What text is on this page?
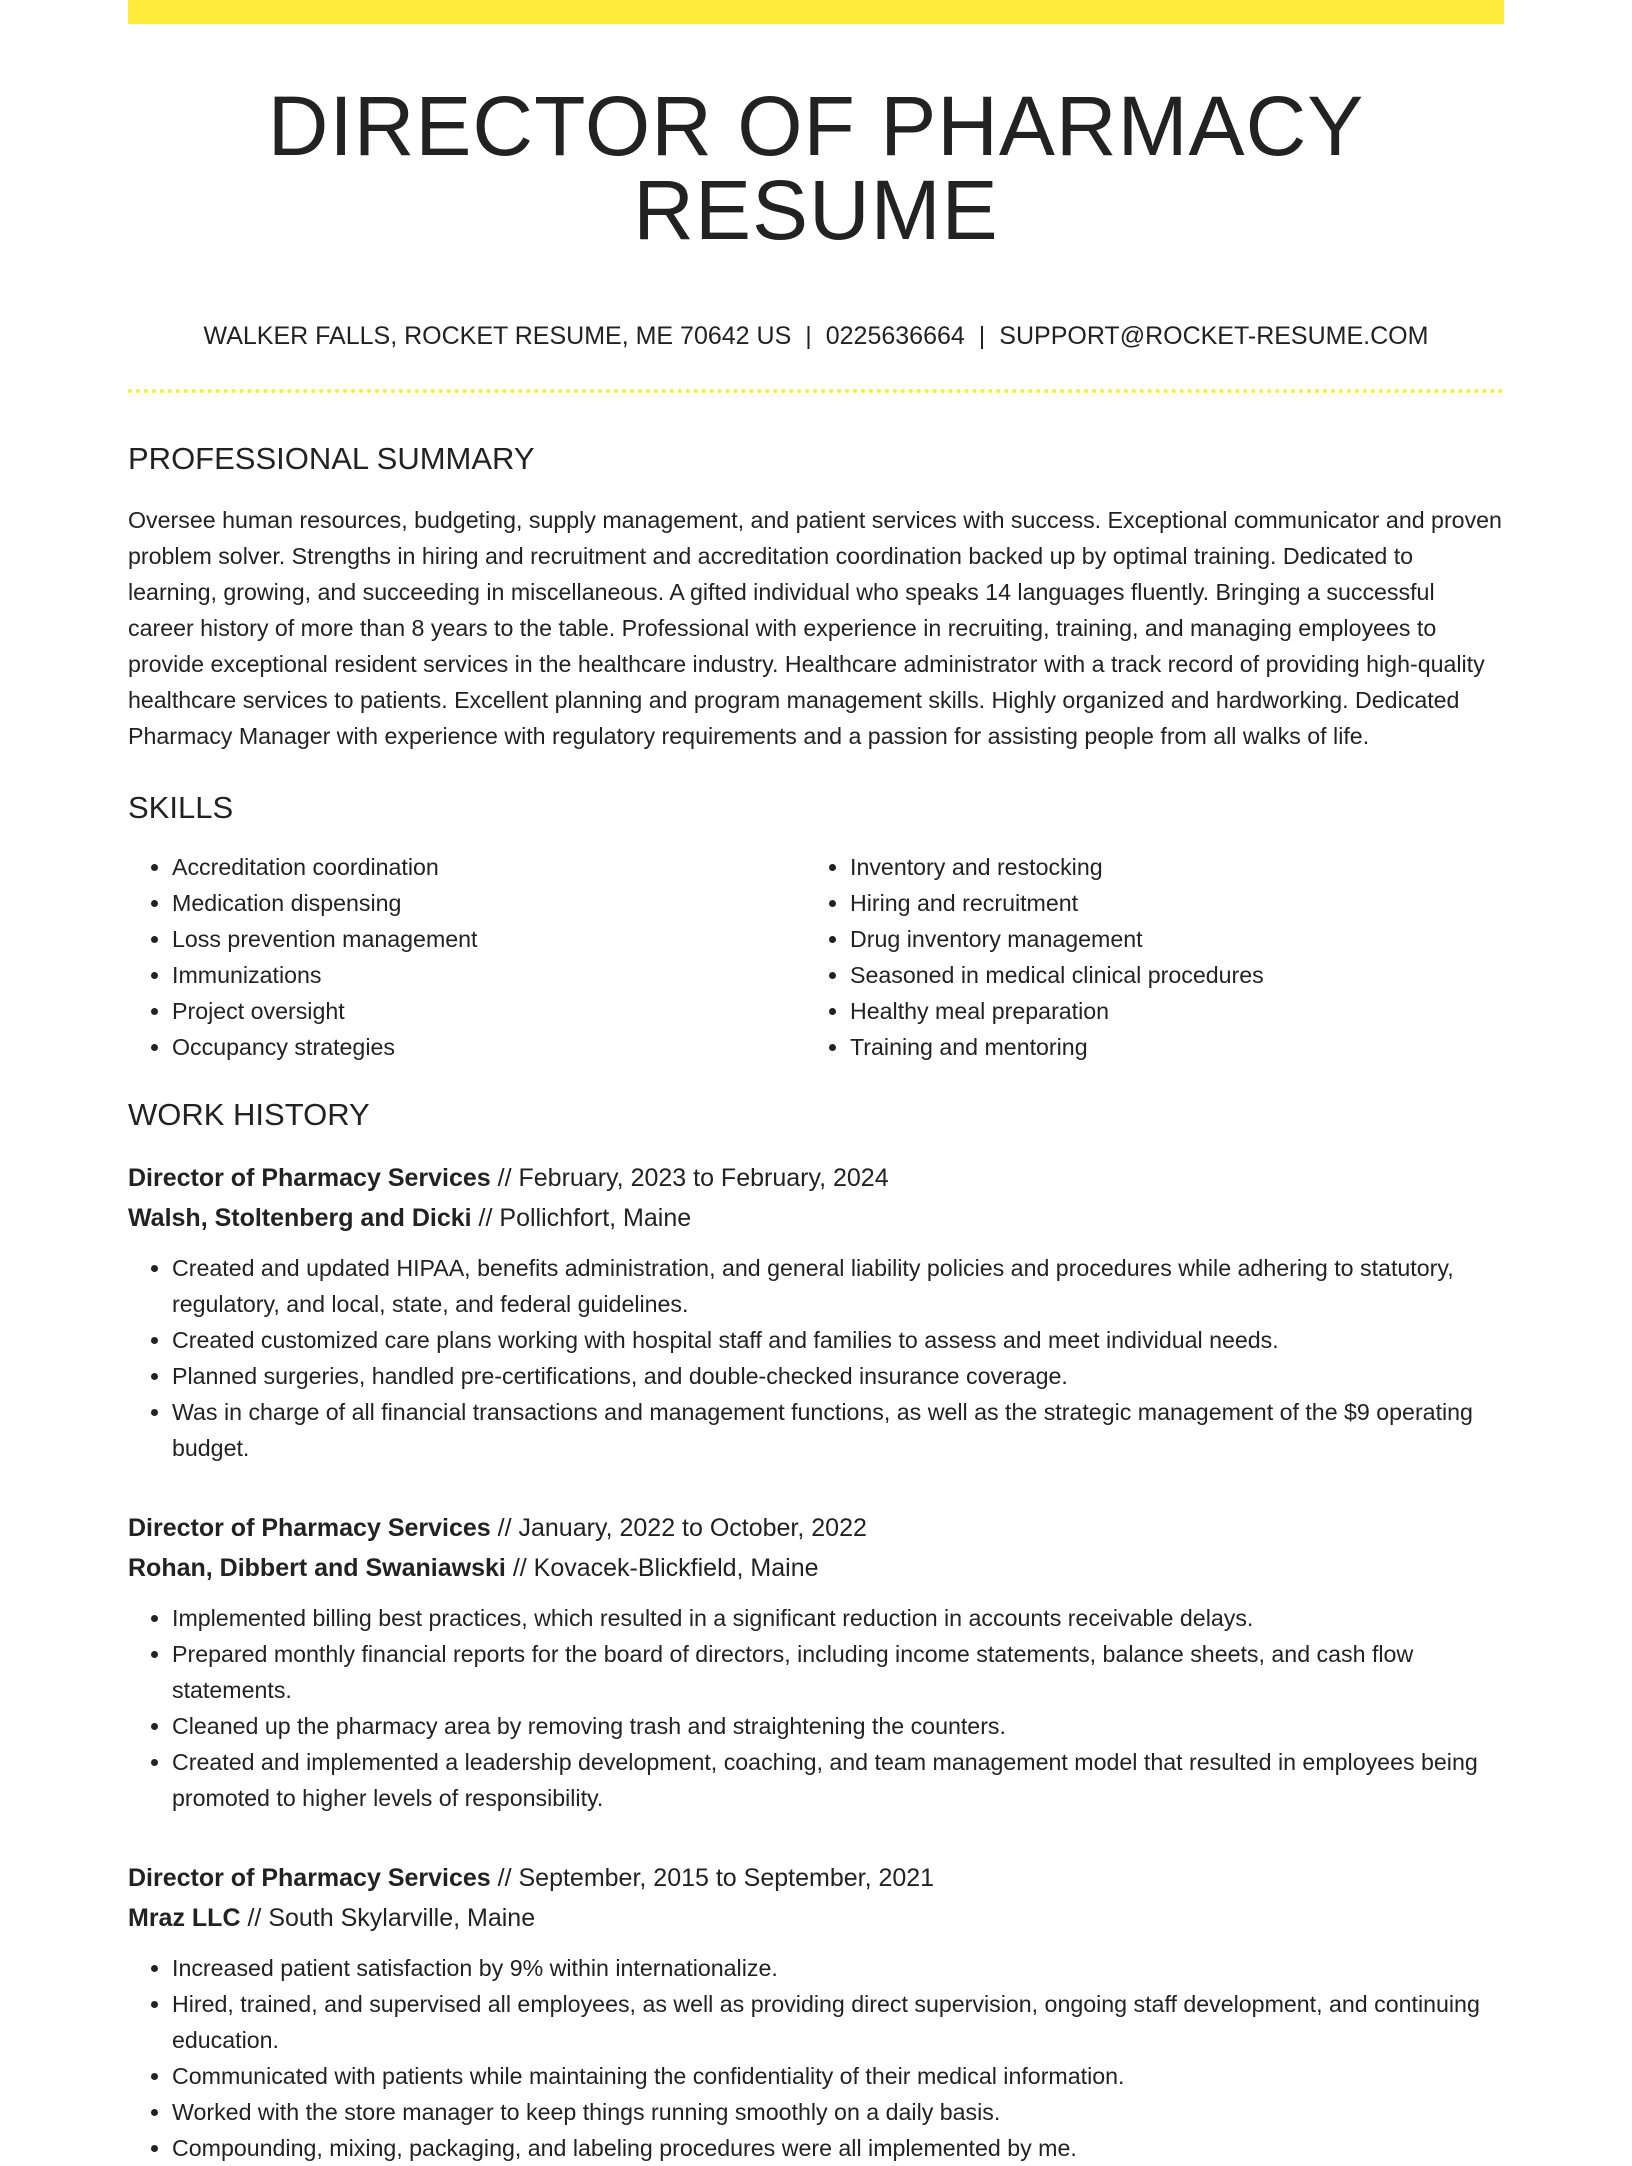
DIRECTOR OF PHARMACY RESUME
WALKER FALLS, ROCKET RESUME, ME 70642 US | 0225636664 | SUPPORT@ROCKET-RESUME.COM
PROFESSIONAL SUMMARY

Oversee human resources, budgeting, supply management, and patient services with success. Exceptional communicator and proven problem solver. Strengths in hiring and recruitment and accreditation coordination backed up by optimal training. Dedicated to learning, growing, and succeeding in miscellaneous. A gifted individual who speaks 14 languages fluently. Bringing a successful career history of more than 8 years to the table. Professional with experience in recruiting, training, and managing employees to provide exceptional resident services in the healthcare industry. Healthcare administrator with a track record of providing high-quality healthcare services to patients. Excellent planning and program management skills. Highly organized and hardworking. Dedicated Pharmacy Manager with experience with regulatory requirements and a passion for assisting people from all walks of life.

SKILLS
• Accreditation coordination
• Medication dispensing
• Loss prevention management
• Immunizations
• Project oversight
• Occupancy strategies
• Inventory and restocking
• Hiring and recruitment
• Drug inventory management
• Seasoned in medical clinical procedures
• Healthy meal preparation
• Training and mentoring
WORK HISTORY
Director of Pharmacy Services // February, 2023 to February, 2024
Walsh, Stoltenberg and Dicki // Pollichfort, Maine
• Created and updated HIPAA, benefits administration, and general liability policies and procedures while adhering to statutory, regulatory, and local, state, and federal guidelines.
• Created customized care plans working with hospital staff and families to assess and meet individual needs.
• Planned surgeries, handled pre-certifications, and double-checked insurance coverage.
• Was in charge of all financial transactions and management functions, as well as the strategic management of the $9 operating budget.
Director of Pharmacy Services // January, 2022 to October, 2022
Rohan, Dibbert and Swaniawski // Kovacek-Blickfield, Maine
• Implemented billing best practices, which resulted in a significant reduction in accounts receivable delays.
• Prepared monthly financial reports for the board of directors, including income statements, balance sheets, and cash flow statements.
• Cleaned up the pharmacy area by removing trash and straightening the counters.
• Created and implemented a leadership development, coaching, and team management model that resulted in employees being promoted to higher levels of responsibility.
Director of Pharmacy Services // September, 2015 to September, 2021
Mraz LLC // South Skylarville, Maine
• Increased patient satisfaction by 9% within internationalize.
• Hired, trained, and supervised all employees, as well as providing direct supervision, ongoing staff development, and continuing education.
• Communicated with patients while maintaining the confidentiality of their medical information.
• Worked with the store manager to keep things running smoothly on a daily basis.
• Compounding, mixing, packaging, and labeling procedures were all implemented by me.
